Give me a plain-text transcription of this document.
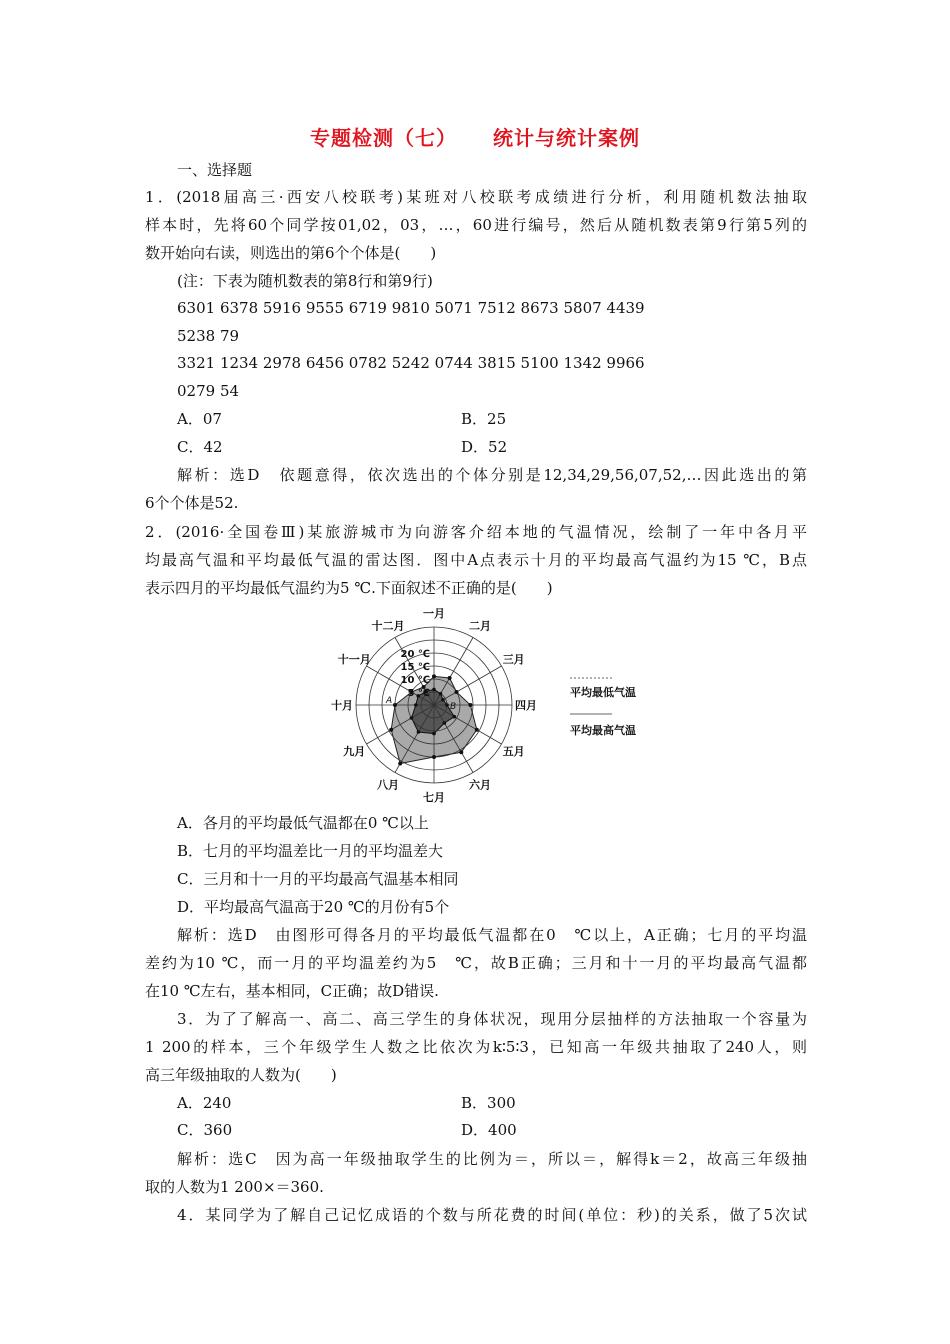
专题检测（七） 统计与统计案例
一、选择题
1．(2018届高三·西安八校联考)某班对八校联考成绩进行分析，利用随机数法抽取
样本时，先将60个同学按01,02，03，…，60进行编号，然后从随机数表第9行第5列的
数开始向右读，则选出的第6个个体是(　　)
(注：下表为随机数表的第8行和第9行)
6301 6378 5916 9555 6719 9810 5071 7512 8673 5807 4439
5238 79
3321 1234 2978 6456 0782 5242 0744 3815 5100 1342 9966
0279 54
A．07	B．25
C．42	D．52
解析：选D　依题意得，依次选出的个体分别是12,34,29,56,07,52,…因此选出的第
6个个体是52.
2．(2016·全国卷Ⅲ)某旅游城市为向游客介绍本地的气温情况，绘制了一年中各月平
均最高气温和平均最低气温的雷达图．图中A点表示十月的平均最高气温约为15 ℃，B点
表示四月的平均最低气温约为5 ℃.下面叙述不正确的是(　　)
5 ℃
10 ℃
15 ℃
20 ℃
一月
二月
三月
四月
五月
六月
七月
八月
九月
十月
十一月
十二月
A
B
平均最低气温
平均最高气温
A．各月的平均最低气温都在0 ℃以上
B．七月的平均温差比一月的平均温差大
C．三月和十一月的平均最高气温基本相同
D．平均最高气温高于20 ℃的月份有5个
解析：选D　由图形可得各月的平均最低气温都在0　℃以上，A正确；七月的平均温
差约为10 ℃，而一月的平均温差约为5　℃，故B正确；三月和十一月的平均最高气温都
在10 ℃左右，基本相同，C正确；故D错误.
3．为了了解高一、高二、高三学生的身体状况，现用分层抽样的方法抽取一个容量为
1 200的样本，三个年级学生人数之比依次为k∶5∶3，已知高一年级共抽取了240人，则
高三年级抽取的人数为(　　)
A．240	B．300
C．360	D．400
解析：选C　因为高一年级抽取学生的比例为＝，所以＝，解得k＝2，故高三年级抽
取的人数为1 200×＝360.
4．某同学为了解自己记忆成语的个数与所花费的时间(单位：秒)的关系，做了5次试
